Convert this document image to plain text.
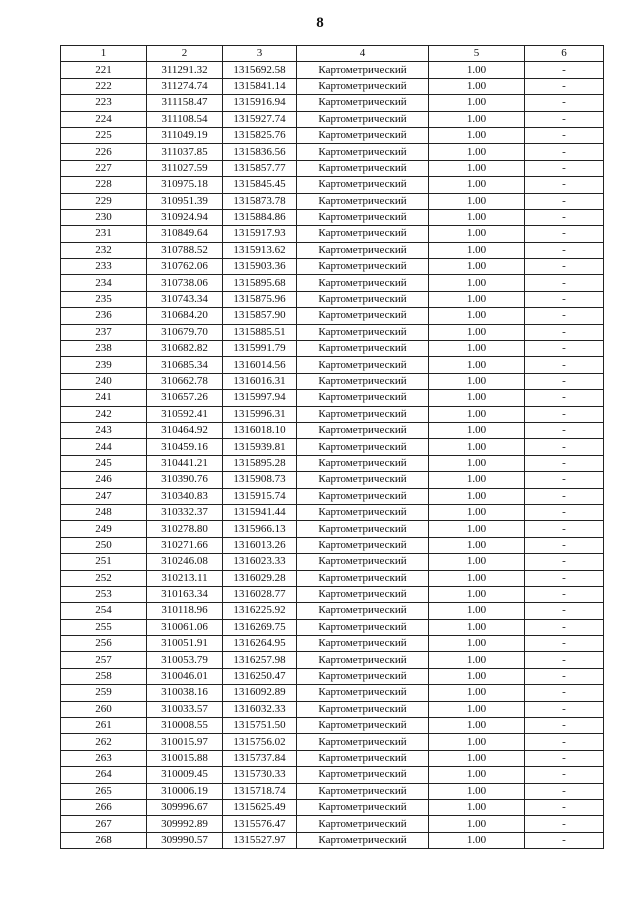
8
1	2	3	4	5	6
221	311291.32	1315692.58	Картометрический	1.00	-
222	311274.74	1315841.14	Картометрический	1.00	-
223	311158.47	1315916.94	Картометрический	1.00	-
224	311108.54	1315927.74	Картометрический	1.00	-
225	311049.19	1315825.76	Картометрический	1.00	-
226	311037.85	1315836.56	Картометрический	1.00	-
227	311027.59	1315857.77	Картометрический	1.00	-
228	310975.18	1315845.45	Картометрический	1.00	-
229	310951.39	1315873.78	Картометрический	1.00	-
230	310924.94	1315884.86	Картометрический	1.00	-
231	310849.64	1315917.93	Картометрический	1.00	-
232	310788.52	1315913.62	Картометрический	1.00	-
233	310762.06	1315903.36	Картометрический	1.00	-
234	310738.06	1315895.68	Картометрический	1.00	-
235	310743.34	1315875.96	Картометрический	1.00	-
236	310684.20	1315857.90	Картометрический	1.00	-
237	310679.70	1315885.51	Картометрический	1.00	-
238	310682.82	1315991.79	Картометрический	1.00	-
239	310685.34	1316014.56	Картометрический	1.00	-
240	310662.78	1316016.31	Картометрический	1.00	-
241	310657.26	1315997.94	Картометрический	1.00	-
242	310592.41	1315996.31	Картометрический	1.00	-
243	310464.92	1316018.10	Картометрический	1.00	-
244	310459.16	1315939.81	Картометрический	1.00	-
245	310441.21	1315895.28	Картометрический	1.00	-
246	310390.76	1315908.73	Картометрический	1.00	-
247	310340.83	1315915.74	Картометрический	1.00	-
248	310332.37	1315941.44	Картометрический	1.00	-
249	310278.80	1315966.13	Картометрический	1.00	-
250	310271.66	1316013.26	Картометрический	1.00	-
251	310246.08	1316023.33	Картометрический	1.00	-
252	310213.11	1316029.28	Картометрический	1.00	-
253	310163.34	1316028.77	Картометрический	1.00	-
254	310118.96	1316225.92	Картометрический	1.00	-
255	310061.06	1316269.75	Картометрический	1.00	-
256	310051.91	1316264.95	Картометрический	1.00	-
257	310053.79	1316257.98	Картометрический	1.00	-
258	310046.01	1316250.47	Картометрический	1.00	-
259	310038.16	1316092.89	Картометрический	1.00	-
260	310033.57	1316032.33	Картометрический	1.00	-
261	310008.55	1315751.50	Картометрический	1.00	-
262	310015.97	1315756.02	Картометрический	1.00	-
263	310015.88	1315737.84	Картометрический	1.00	-
264	310009.45	1315730.33	Картометрический	1.00	-
265	310006.19	1315718.74	Картометрический	1.00	-
266	309996.67	1315625.49	Картометрический	1.00	-
267	309992.89	1315576.47	Картометрический	1.00	-
268	309990.57	1315527.97	Картометрический	1.00	-
